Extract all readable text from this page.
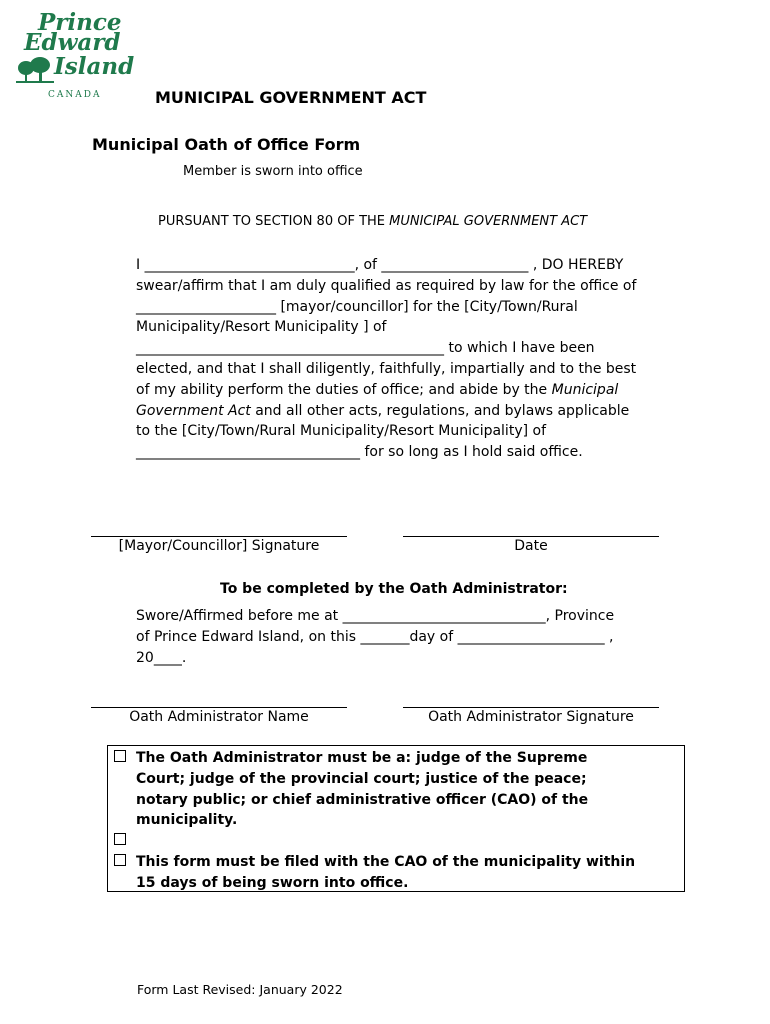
Prince
Edward
Island
CANADA	MUNICIPAL GOVERNMENT ACT
Municipal Oath of Office Form
Member is sworn into office
PURSUANT TO SECTION 80 OF THE MUNICIPAL GOVERNMENT ACT
I ______________________________, of _____________________ , DO HEREBY
swear/affirm that I am duly qualified as required by law for the office of
____________________ [mayor/councillor] for the [City/Town/Rural
Municipality/Resort Municipality ] of
____________________________________________ to which I have been
elected, and that I shall diligently, faithfully, impartially and to the best
of my ability perform the duties of office; and abide by the Municipal
Government Act and all other acts, regulations, and bylaws applicable
to the [City/Town/Rural Municipality/Resort Municipality] of
________________________________ for so long as I hold said office.
[Mayor/Councillor] Signature	Date
To be completed by the Oath Administrator:
Swore/Affirmed before me at _____________________________, Province
of Prince Edward Island, on this _______day of _____________________ ,
20____.
Oath Administrator Name	Oath Administrator Signature
The Oath Administrator must be a: judge of the Supreme
Court; judge of the provincial court; justice of the peace;
notary public; or chief administrative officer (CAO) of the
municipality.
This form must be filed with the CAO of the municipality within
15 days of being sworn into office.
Form Last Revised: January 2022
